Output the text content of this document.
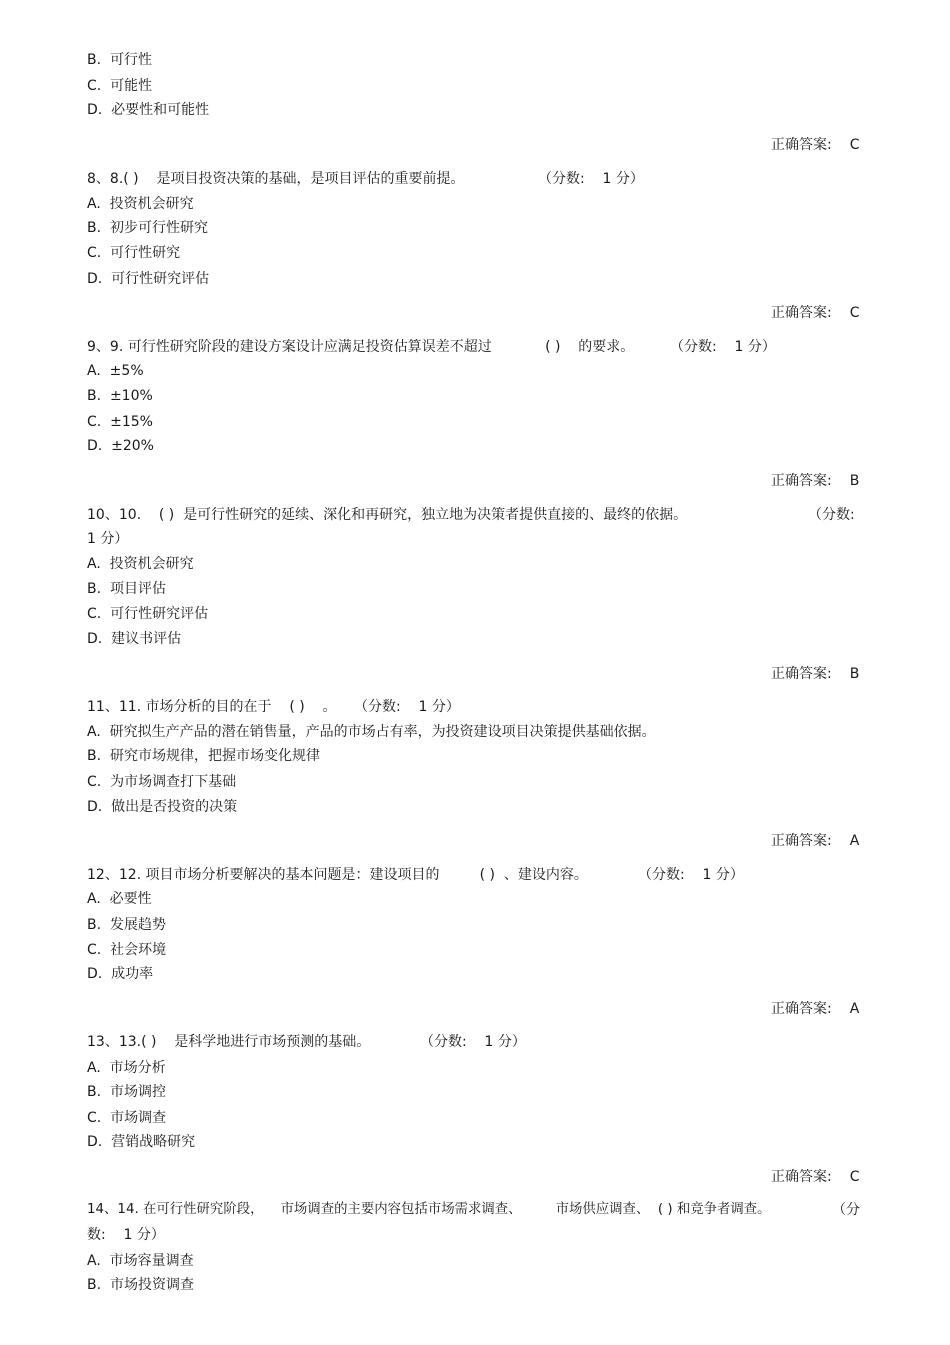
B.  可行性
C.  可能性
D.  必要性和可能性
正确答案: C
8、8.( )    是项目投资决策的基础，是项目评估的重要前提。	（分数:    1 分）
A.  投资机会研究
B.  初步可行性研究
C.  可行性研究
D.  可行性研究评估
正确答案: C
9、9. 可行性研究阶段的建设方案设计应满足投资估算误差不超过            ( )    的要求。	（分数:    1 分）
A.  ±5%
B.  ±10%
C.  ±15%
D.  ±20%
正确答案: B
10、10.    ( )  是可行性研究的延续、深化和再研究，独立地为决策者提供直接的、最终的依据。	（分数:
1 分）
A.  投资机会研究
B.  项目评估
C.  可行性研究评估
D.  建议书评估
正确答案: B
11、11. 市场分析的目的在于    ( )    。 （分数:    1 分）
A.  研究拟生产产品的潜在销售量，产品的市场占有率，为投资建设项目决策提供基础依据。
B.  研究市场规律，把握市场变化规律
C.  为市场调查打下基础
D.  做出是否投资的决策
正确答案: A
12、12. 项目市场分析要解决的基本问题是：建设项目的         ( )  、建设内容。	（分数:    1 分）
A.  必要性
B.  发展趋势
C.  社会环境
D.  成功率
正确答案: A
13、13.( )    是科学地进行市场预测的基础。	（分数:    1 分）
A.  市场分析
B.  市场调控
C.  市场调查
D.  营销战略研究
正确答案: C
14、14. 在可行性研究阶段，    市场调查的主要内容包括市场需求调查、        市场供应调查、  ( ) 和竞争者调查。	（分
数:    1 分）
A.  市场容量调查
B.  市场投资调查
